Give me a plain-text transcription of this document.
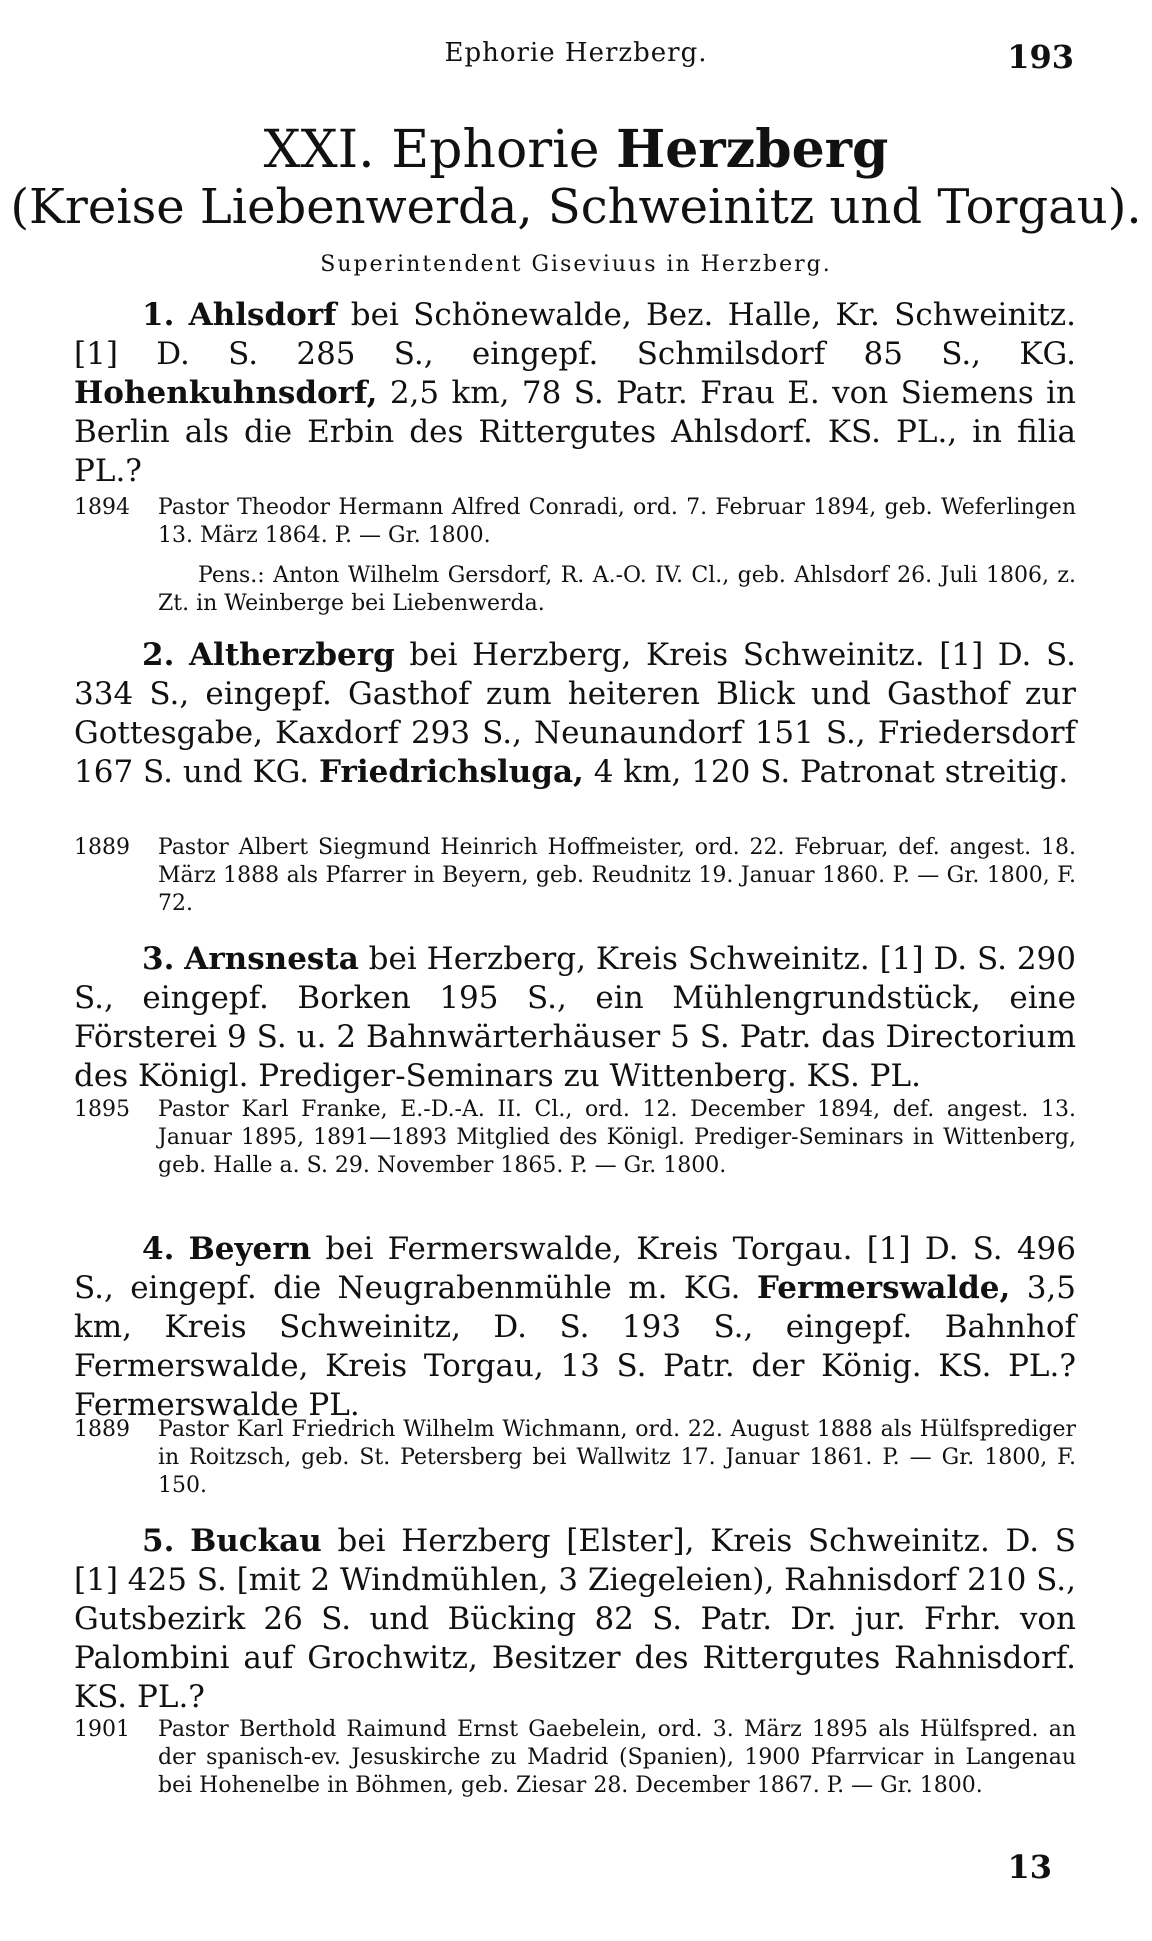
Ephorie Herzberg.	193
XXI. Ephorie Herzberg
(Kreise Liebenwerda, Schweinitz und Torgau).
Superintendent Giseviuus in Herzberg.
1. Ahlsdorf bei Schönewalde, Bez. Halle, Kr. Schweinitz. [1] D. S. 285 S., eingepf. Schmilsdorf 85 S., KG. Hohenkuhnsdorf, 2,5 km, 78 S. Patr. Frau E. von Siemens in Berlin als die Erbin des Rittergutes Ahlsdorf. KS. PL., in filia PL.?
1894	Pastor Theodor Hermann Alfred Conradi, ord. 7. Februar 1894, geb. Weferlingen 13. März 1864. P. — Gr. 1800.
Pens.: Anton Wilhelm Gersdorf, R. A.-O. IV. Cl., geb. Ahlsdorf 26. Juli 1806, z. Zt. in Weinberge bei Liebenwerda.
2. Altherzberg bei Herzberg, Kreis Schweinitz. [1] D. S. 334 S., eingepf. Gasthof zum heiteren Blick und Gasthof zur Gottesgabe, Kaxdorf 293 S., Neunaundorf 151 S., Friedersdorf 167 S. und KG. Friedrichsluga, 4 km, 120 S. Patronat streitig.
1889	Pastor Albert Siegmund Heinrich Hoffmeister, ord. 22. Februar, def. angest. 18. März 1888 als Pfarrer in Beyern, geb. Reudnitz 19. Januar 1860. P. — Gr. 1800, F. 72.
3. Arnsnesta bei Herzberg, Kreis Schweinitz. [1] D. S. 290 S., eingepf. Borken 195 S., ein Mühlengrundstück, eine Försterei 9 S. u. 2 Bahnwärterhäuser 5 S. Patr. das Directorium des Königl. Prediger-Seminars zu Wittenberg. KS. PL.
1895	Pastor Karl Franke, E.-D.-A. II. Cl., ord. 12. December 1894, def. angest. 13. Januar 1895, 1891—1893 Mitglied des Königl. Prediger-Seminars in Wittenberg, geb. Halle a. S. 29. November 1865. P. — Gr. 1800.
4. Beyern bei Fermerswalde, Kreis Torgau. [1] D. S. 496 S., eingepf. die Neugrabenmühle m. KG. Fermerswalde, 3,5 km, Kreis Schweinitz, D. S. 193 S., eingepf. Bahnhof Fermerswalde, Kreis Torgau, 13 S. Patr. der König. KS. PL.? Fermerswalde PL.
1889	Pastor Karl Friedrich Wilhelm Wichmann, ord. 22. August 1888 als Hülfsprediger in Roitzsch, geb. St. Petersberg bei Wallwitz 17. Januar 1861. P. — Gr. 1800, F. 150.
5. Buckau bei Herzberg [Elster], Kreis Schweinitz. D. S [1] 425 S. [mit 2 Windmühlen, 3 Ziegeleien), Rahnisdorf 210 S., Gutsbezirk 26 S. und Bücking 82 S. Patr. Dr. jur. Frhr. von Palombini auf Grochwitz, Besitzer des Rittergutes Rahnisdorf. KS. PL.?
1901	Pastor Berthold Raimund Ernst Gaebelein, ord. 3. März 1895 als Hülfspred. an der spanisch-ev. Jesuskirche zu Madrid (Spanien), 1900 Pfarrvicar in Langenau bei Hohenelbe in Böhmen, geb. Ziesar 28. December 1867. P. — Gr. 1800.
13
